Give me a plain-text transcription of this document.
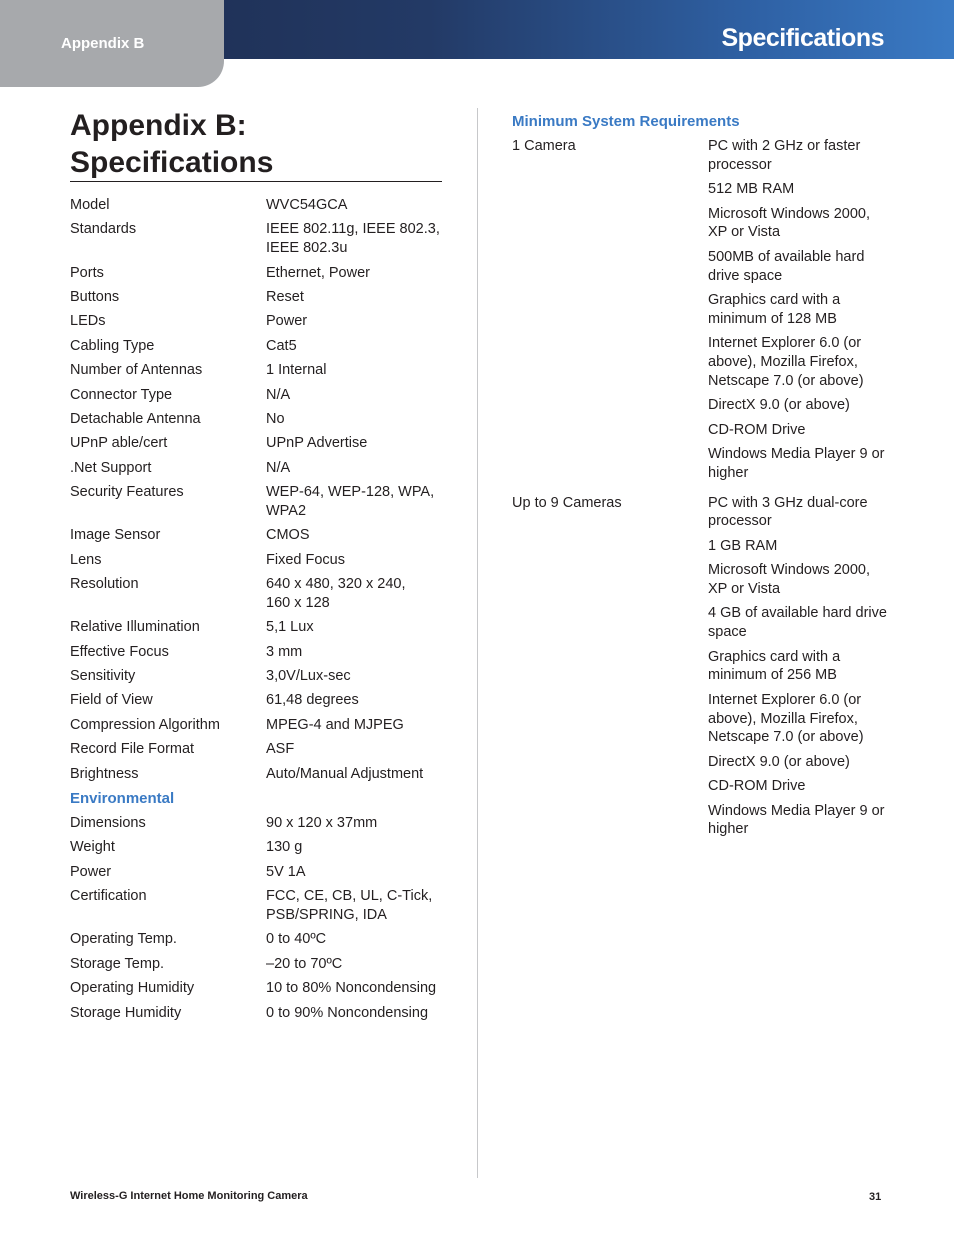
Appendix B	Specifications
Appendix B:
Specifications
Model	WVC54GCA
Standards	IEEE 802.11g, IEEE 802.3, IEEE 802.3u
Ports	Ethernet, Power
Buttons	Reset
LEDs	Power
Cabling Type	Cat5
Number of Antennas	1 Internal
Connector Type	N/A
Detachable Antenna	No
UPnP able/cert	UPnP Advertise
.Net Support	N/A
Security Features	WEP-64, WEP-128, WPA, WPA2
Image Sensor	CMOS
Lens	Fixed Focus
Resolution	640 x 480, 320 x 240,
160 x 128
Relative Illumination	5,1 Lux
Effective Focus	3 mm
Sensitivity	3,0V/Lux-sec
Field of View	61,48 degrees
Compression Algorithm	MPEG-4 and MJPEG
Record File Format	ASF
Brightness	Auto/Manual Adjustment
Environmental
Dimensions	90 x 120 x 37mm
Weight	130 g
Power	5V 1A
Certification	FCC, CE, CB, UL, C-Tick, PSB/SPRING, IDA
Operating Temp.	0 to 40ºC
Storage Temp.	–20 to 70ºC
Operating Humidity	10 to 80% Noncondensing
Storage Humidity	0 to 90% Noncondensing
Minimum System Requirements
1 Camera	PC with 2 GHz or faster processor
512 MB RAM
Microsoft Windows 2000, XP or Vista
500MB of available hard drive space
Graphics card with a minimum of 128 MB
Internet Explorer 6.0 (or above), Mozilla Firefox, Netscape 7.0 (or above)
DirectX 9.0 (or above)
CD-ROM Drive
Windows Media Player 9 or higher
Up to 9 Cameras	PC with 3 GHz dual-core processor
1 GB RAM
Microsoft Windows 2000, XP or Vista
4 GB of available hard drive space
Graphics card with a minimum of 256 MB
Internet Explorer 6.0 (or above), Mozilla Firefox, Netscape 7.0 (or above)
DirectX 9.0 (or above)
CD-ROM Drive
Windows Media Player 9 or higher
Wireless-G Internet Home Monitoring Camera	31
